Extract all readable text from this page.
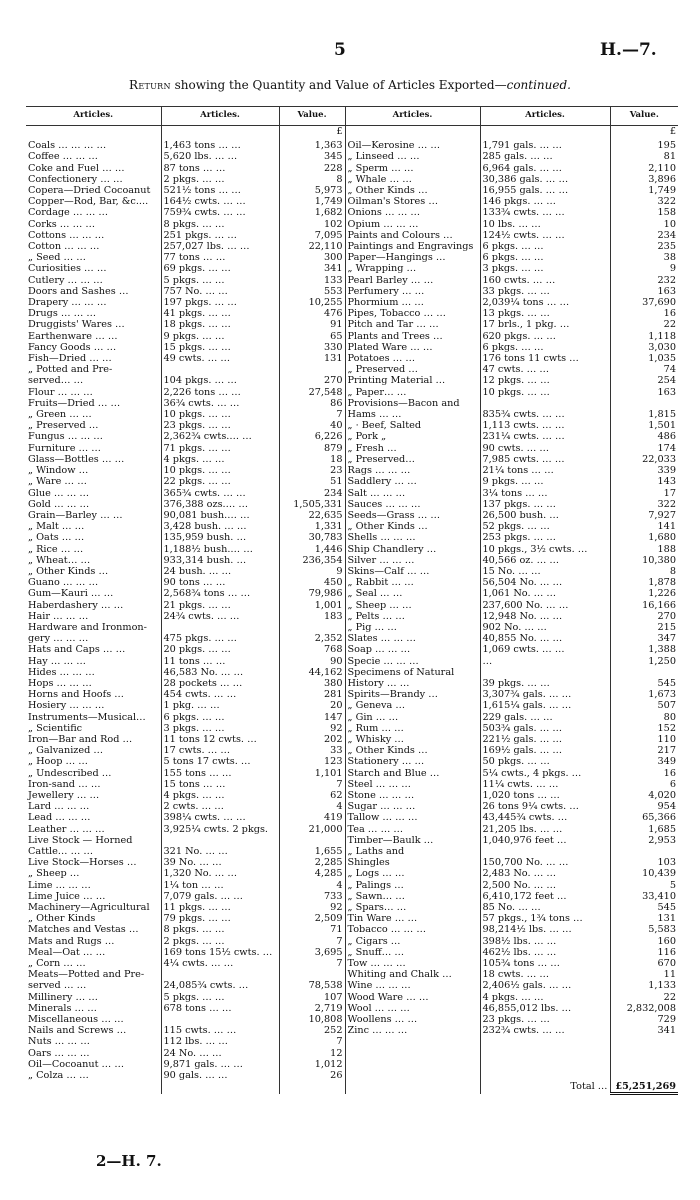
5	H.—7.
Return showing the Quantity and Value of Articles Exported—continued.
Articles.	Articles.	Value.	Articles.	Articles.	Value.
		£			£
Coals … … … …	1,463 tons … …	1,363	Oil—Kerosine … …	1,791 gals. … …	195
Coffee … … …	5,620 lbs. … …	345	„ Linseed … …	285 gals. … …	81
Coke and Fuel … …	87 tons … …	228	„ Sperm … …	6,964 gals. … …	2,110
Confectionery … …	2 pkgs. … …	8	„ Whale … …	30,386 gals. … …	3,896
Copera—Dried Cocoanut	521½ tons … …	5,973	„ Other Kinds …	16,955 gals. … …	1,749
Copper—Rod, Bar, &c....	164½ cwts. … …	1,749	Oilman's Stores …	146 pkgs. … …	322
Cordage … … …	759¾ cwts. … …	1,682	Onions … … …	133¾ cwts. … …	158
Corks … … …	8 pkgs. … …	102	Opium … … …	10 lbs. … …	10
Cottons … … …	251 pkgs. … …	7,095	Paints and Colours …	124½ cwts. … …	234
Cotton … … …	257,027 lbs. … …	22,110	Paintings and Engravings	6 pkgs. … …	235
„ Seed … …	77 tons … …	300	Paper—Hangings …	6 pkgs. … …	38
Curiosities … …	69 pkgs. … …	341	„ Wrapping …	3 pkgs. … …	9
Cutlery … … …	5 pkgs. … …	133	Pearl Barley … …	160 cwts. … …	232
Doors and Sashes …	757 No. … …	553	Perfumery … …	33 pkgs. … …	163
Drapery … … …	197 pkgs. … …	10,255	Phormium … …	2,039¼ tons … …	37,690
Drugs … … …	41 pkgs. … …	476	Pipes, Tobacco … …	13 pkgs. … …	16
Druggists' Wares …	18 pkgs. … …	91	Pitch and Tar … …	17 brls., 1 pkg. …	22
Earthenware … …	9 pkgs. … …	65	Plants and Trees …	620 pkgs. … …	1,118
Fancy Goods … …	15 pkgs. … …	330	Plated Ware … …	6 pkgs. … …	3,030
Fish—Dried … …	49 cwts. … …	131	Potatoes … …	176 tons 11 cwts …	1,035
„ Potted and Pre-			„ Preserved …	47 cwts. … …	74
served… …	104 pkgs. … …	270	Printing Material …	12 pkgs. … …	254
Flour … … …	2,226 tons … …	27,548	„ Paper… …	10 pkgs. … …	163
Fruits—Dried … …	36¾ cwts. … …	86	Provisions—Bacon and		
„ Green … …	10 pkgs. … …	7	Hams … …	835¾ cwts. … …	1,815
„ Preserved …	23 pkgs. … …	40	„ · Beef, Salted	1,113 cwts. … …	1,501
Fungus … … …	2,362¾ cwts.… …	6,226	„ Pork „	231¼ cwts. … …	486
Furniture … …	71 pkgs. … …	879	„ Fresh …	90 cwts. … …	174
Glass—Bottles … …	4 pkgs. … …	18	„ Preserved…	7,985 cwts. … …	22,033
„ Window …	10 pkgs. … …	23	Rags … … …	21¼ tons … …	339
„ Ware … …	22 pkgs. … …	51	Saddlery … …	9 pkgs. … …	143
Glue … … …	365¾ cwts. … …	234	Salt … … …	3¼ tons … …	17
Gold … … …	376,388 ozs.… …	1,505,331	Sauces … … …	137 pkgs. … …	322
Grain—Barley … …	90,081 bush.… …	22,635	Seeds—Grass … …	26,500 bush. …	7,927
„ Malt … …	3,428 bush. … …	1,331	„ Other Kinds …	52 pkgs. … …	141
„ Oats … …	135,959 bush. …	30,783	Shells … … …	253 pkgs. … …	1,680
„ Rice … …	1,188½ bush.… …	1,446	Ship Chandlery …	10 pkgs., 3½ cwts. …	188
„ Wheat… …	933,314 bush. …	236,354	Silver … … …	40,566 oz. … …	10,380
„ Other Kinds …	24 bush. … …	9	Skins—Calf … …	15 No. … …	8
Guano … … …	90 tons … …	450	„ Rabbit … …	56,504 No. … …	1,878
Gum—Kauri … …	2,568¾ tons … …	79,986	„ Seal … …	1,061 No. … …	1,226
Haberdashery … …	21 pkgs. … …	1,001	„ Sheep … …	237,600 No. … …	16,166
Hair … … …	24¾ cwts. … …	183	„ Pelts … …	12,948 No. … …	270
Hardware and Ironmon-			„ Pig … …	902 No. … …	215
gery … … …	475 pkgs. … …	2,352	Slates … … …	40,855 No. … …	347
Hats and Caps … …	20 pkgs. … …	768	Soap … … …	1,069 cwts. … …	1,388
Hay … … …	11 tons … …	90	Specie … … …	…	1,250
Hides … … …	46,583 No. … …	44,162	Specimens of Natural		
Hops … … …	28 pockets … …	380	History … …	39 pkgs. … …	545
Horns and Hoofs …	454 cwts. … …	281	Spirits—Brandy …	3,307¾ gals. … …	1,673
Hosiery … … …	1 pkg. … …	20	„ Geneva …	1,615¼ gals. … …	507
Instruments—Musical…	6 pkgs. … …	147	„ Gin … …	229 gals. … …	80
„ Scientific	3 pkgs. … …	92	„ Rum … …	503¾ gals. … …	152
Iron—Bar and Rod …	11 tons 12 cwts. …	202	„ Whisky …	221½ gals. … …	110
„ Galvanized …	17 cwts. … …	33	„ Other Kinds …	169½ gals. … …	217
„ Hoop … …	5 tons 17 cwts. …	123	Stationery … …	50 pkgs. … …	349
„ Undescribed …	155 tons … …	1,101	Starch and Blue …	5¼ cwts., 4 pkgs. …	16
Iron-sand … …	15 tons … …	7	Steel … … …	11¼ cwts. … …	6
Jewellery … …	4 pkgs. … …	62	Stone … … …	1,020 tons … …	4,020
Lard … … …	2 cwts. … …	4	Sugar … … …	26 tons 9¼ cwts. …	954
Lead … … …	398¼ cwts. … …	419	Tallow … … …	43,445¾ cwts. …	65,366
Leather … … …	3,925¼ cwts. 2 pkgs.	21,000	Tea … … …	21,205 lbs. … …	1,685
Live Stock — Horned			Timber—Baulk …	1,040,976 feet …	2,953
Cattle… … …	321 No. … …	1,655	„ Laths and		
Live Stock—Horses …	39 No. … …	2,285	Shingles	150,700 No. … …	103
„ Sheep …	1,320 No. … …	4,285	„ Logs … …	2,483 No. … …	10,439
Lime … … …	1¼ ton … …	4	„ Palings …	2,500 No. … …	5
Lime Juice … …	7,079 gals. … …	733	„ Sawn… …	6,410,172 feet …	33,410
Machinery—Agricultural	11 pkgs. … …	92	„ Spars… …	85 No. … …	545
„ Other Kinds	79 pkgs. … …	2,509	Tin Ware … …	57 pkgs., 1¾ tons …	131
Matches and Vestas …	8 pkgs. … …	71	Tobacco … … …	98,214½ lbs. … …	5,583
Mats and Rugs …	2 pkgs. … …	7	„ Cigars …	398½ lbs. … …	160
Meal—Oat … …	169 tons 15½ cwts. …	3,695	„ Snuff… …	462½ lbs. … …	116
„ Corn … …	4¼ cwts. … …	7	Tow … … …	105¾ tons … …	670
Meats—Potted and Pre-			Whiting and Chalk …	18 cwts. … …	11
served … …	24,085¾ cwts. …	78,538	Wine … … …	2,406½ gals. … …	1,133
Millinery … …	5 pkgs. … …	107	Wood Ware … …	4 pkgs. … …	22
Minerals … …	678 tons … …	2,719	Wool … … …	46,855,012 lbs. …	2,832,008
Miscellaneous … …		10,808	Woollens … …	23 pkgs. … …	729
Nails and Screws …	115 cwts. … …	252	Zinc … … …	232¾ cwts. … …	341
Nuts … … …	112 lbs. … …	7			
Oars … … …	24 No. … …	12			
Oil—Cocoanut … …	9,871 gals. … …	1,012			
„ Colza … …	90 gals. … …	26			
				Total …	£5,251,269
2—H. 7.
